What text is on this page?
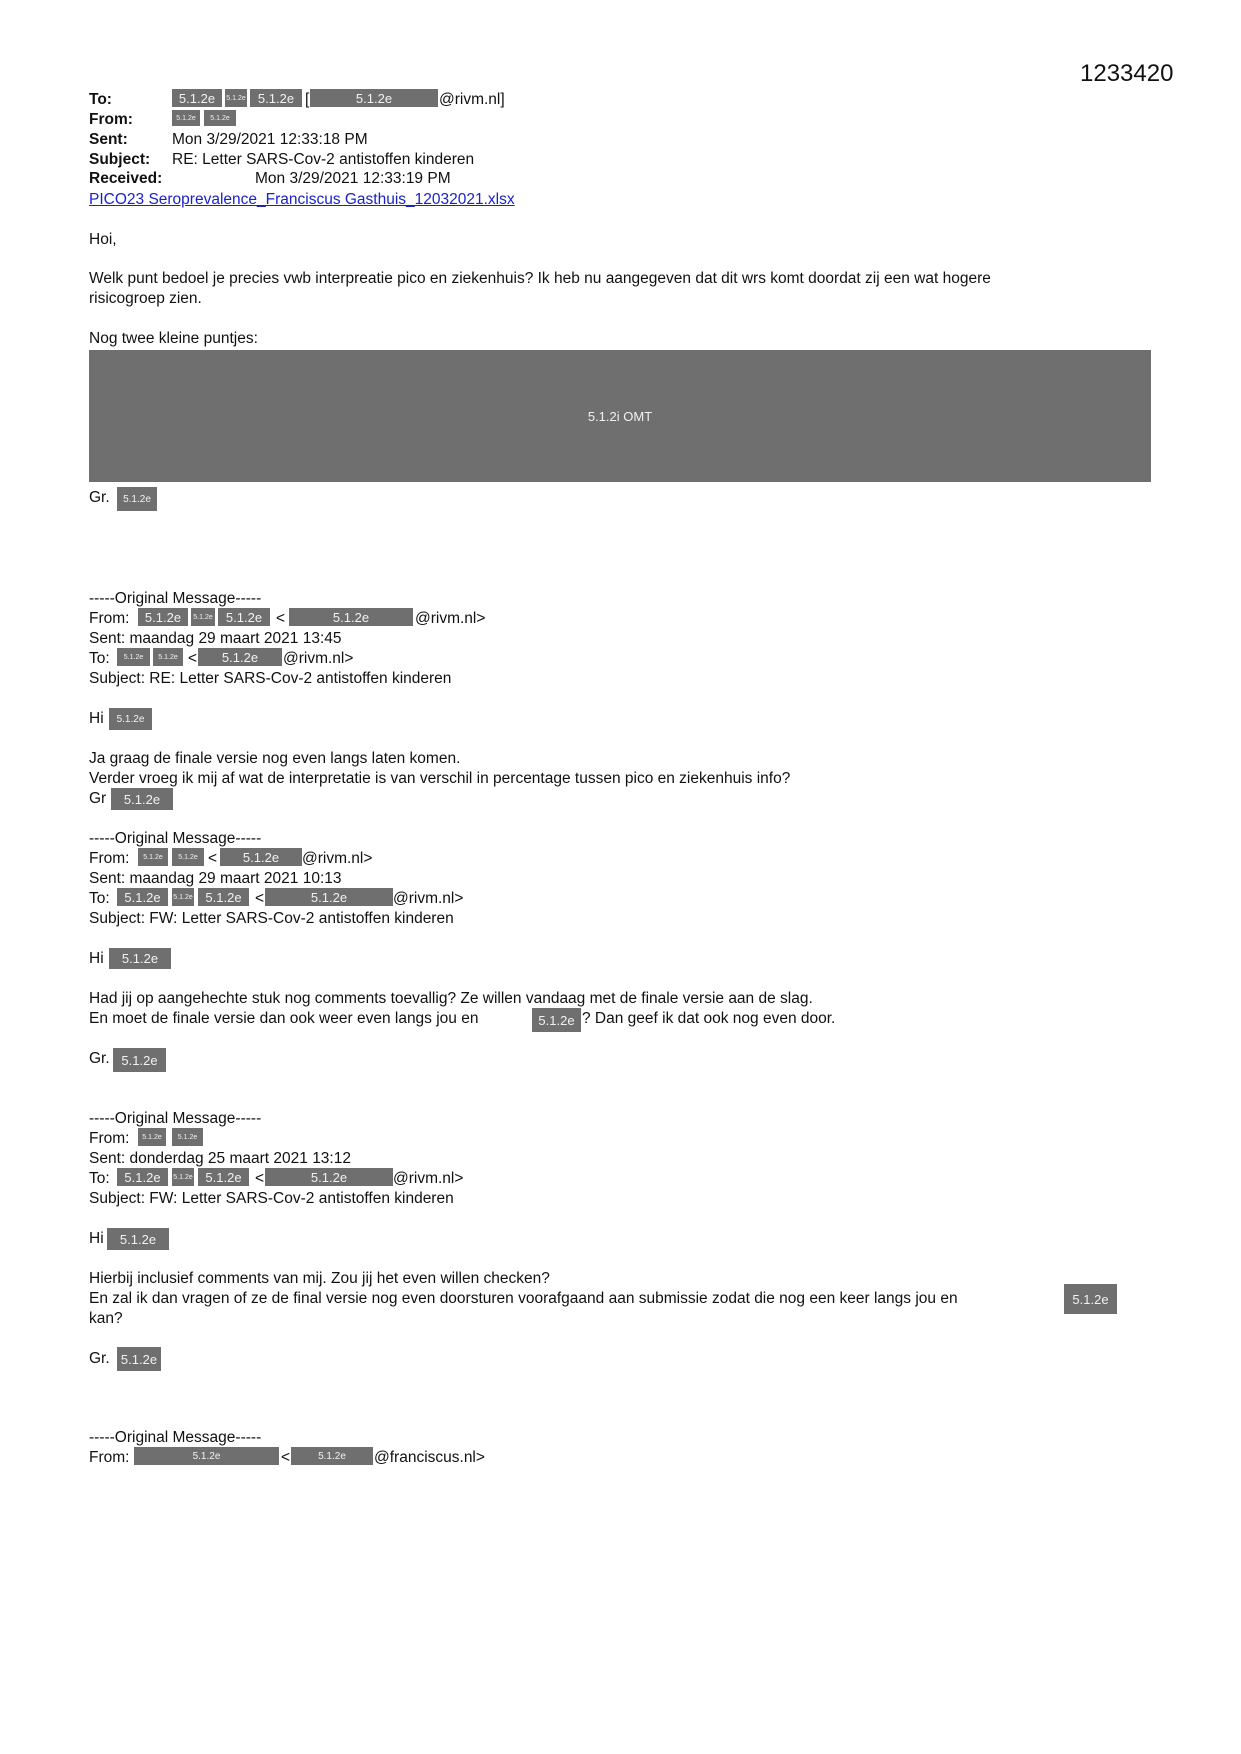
1233420
To:	5.1.2e	5.1.2e 5.1.2e [	5.1.2e	@rivm.nl]
From:	5.1.2e	5.1.2e
Sent:	Mon 3/29/2021 12:33:18 PM
Subject: RE: Letter SARS-Cov-2 antistoffen kinderen
Received:	Mon 3/29/2021 12:33:19 PM
PICO23 Seroprevalence_Franciscus Gasthuis_12032021.xlsx
Hoi,
Welk punt bedoel je precies vwb interpreatie pico en ziekenhuis? Ik heb nu aangegeven dat dit wrs komt doordat zij een wat hogere
risicogroep zien.
Nog twee kleine puntjes:
5.1.2i OMT
Gr.	5.1.2e
-----Original Message-----
From:	5.1.2e	5.1.2e	5.1.2e <	5.1.2e	@rivm.nl>
Sent: maandag 29 maart 2021 13:45
To:	5.1.2e	5.1.2e <	5.1.2e	@rivm.nl>
Subject: RE: Letter SARS-Cov-2 antistoffen kinderen
Hi	5.1.2e
Ja graag de finale versie nog even langs laten komen.
Verder vroeg ik mij af wat de interpretatie is van verschil in percentage tussen pico en ziekenhuis info?
Gr	5.1.2e
-----Original Message-----
From:	5.1.2e	5.1.2e <	5.1.2e	@rivm.nl>
Sent: maandag 29 maart 2021 10:13
To:	5.1.2e	5.1.2e 5.1.2e <	5.1.2e	@rivm.nl>
Subject: FW: Letter SARS-Cov-2 antistoffen kinderen
Hi	5.1.2e
Had jij op aangehechte stuk nog comments toevallig? Ze willen vandaag met de finale versie aan de slag.
En moet de finale versie dan ook weer even langs jou en	5.1.2e ? Dan geef ik dat ook nog even door.
Gr. 5.1.2e
-----Original Message-----
From:	5.1.2e	5.1.2e
Sent: donderdag 25 maart 2021 13:12
To:	5.1.2e	5.1.2e 5.1.2e <	5.1.2e	@rivm.nl>
Subject: FW: Letter SARS-Cov-2 antistoffen kinderen
Hi	5.1.2e
Hierbij inclusief comments van mij. Zou jij het even willen checken?
En zal ik dan vragen of ze de final versie nog even doorsturen voorafgaand aan submissie zodat die nog een keer langs jou en	5.1.2e
kan?
Gr. 5.1.2e
-----Original Message-----
From:	5.1.2e	<	5.1.2e	@franciscus.nl>
